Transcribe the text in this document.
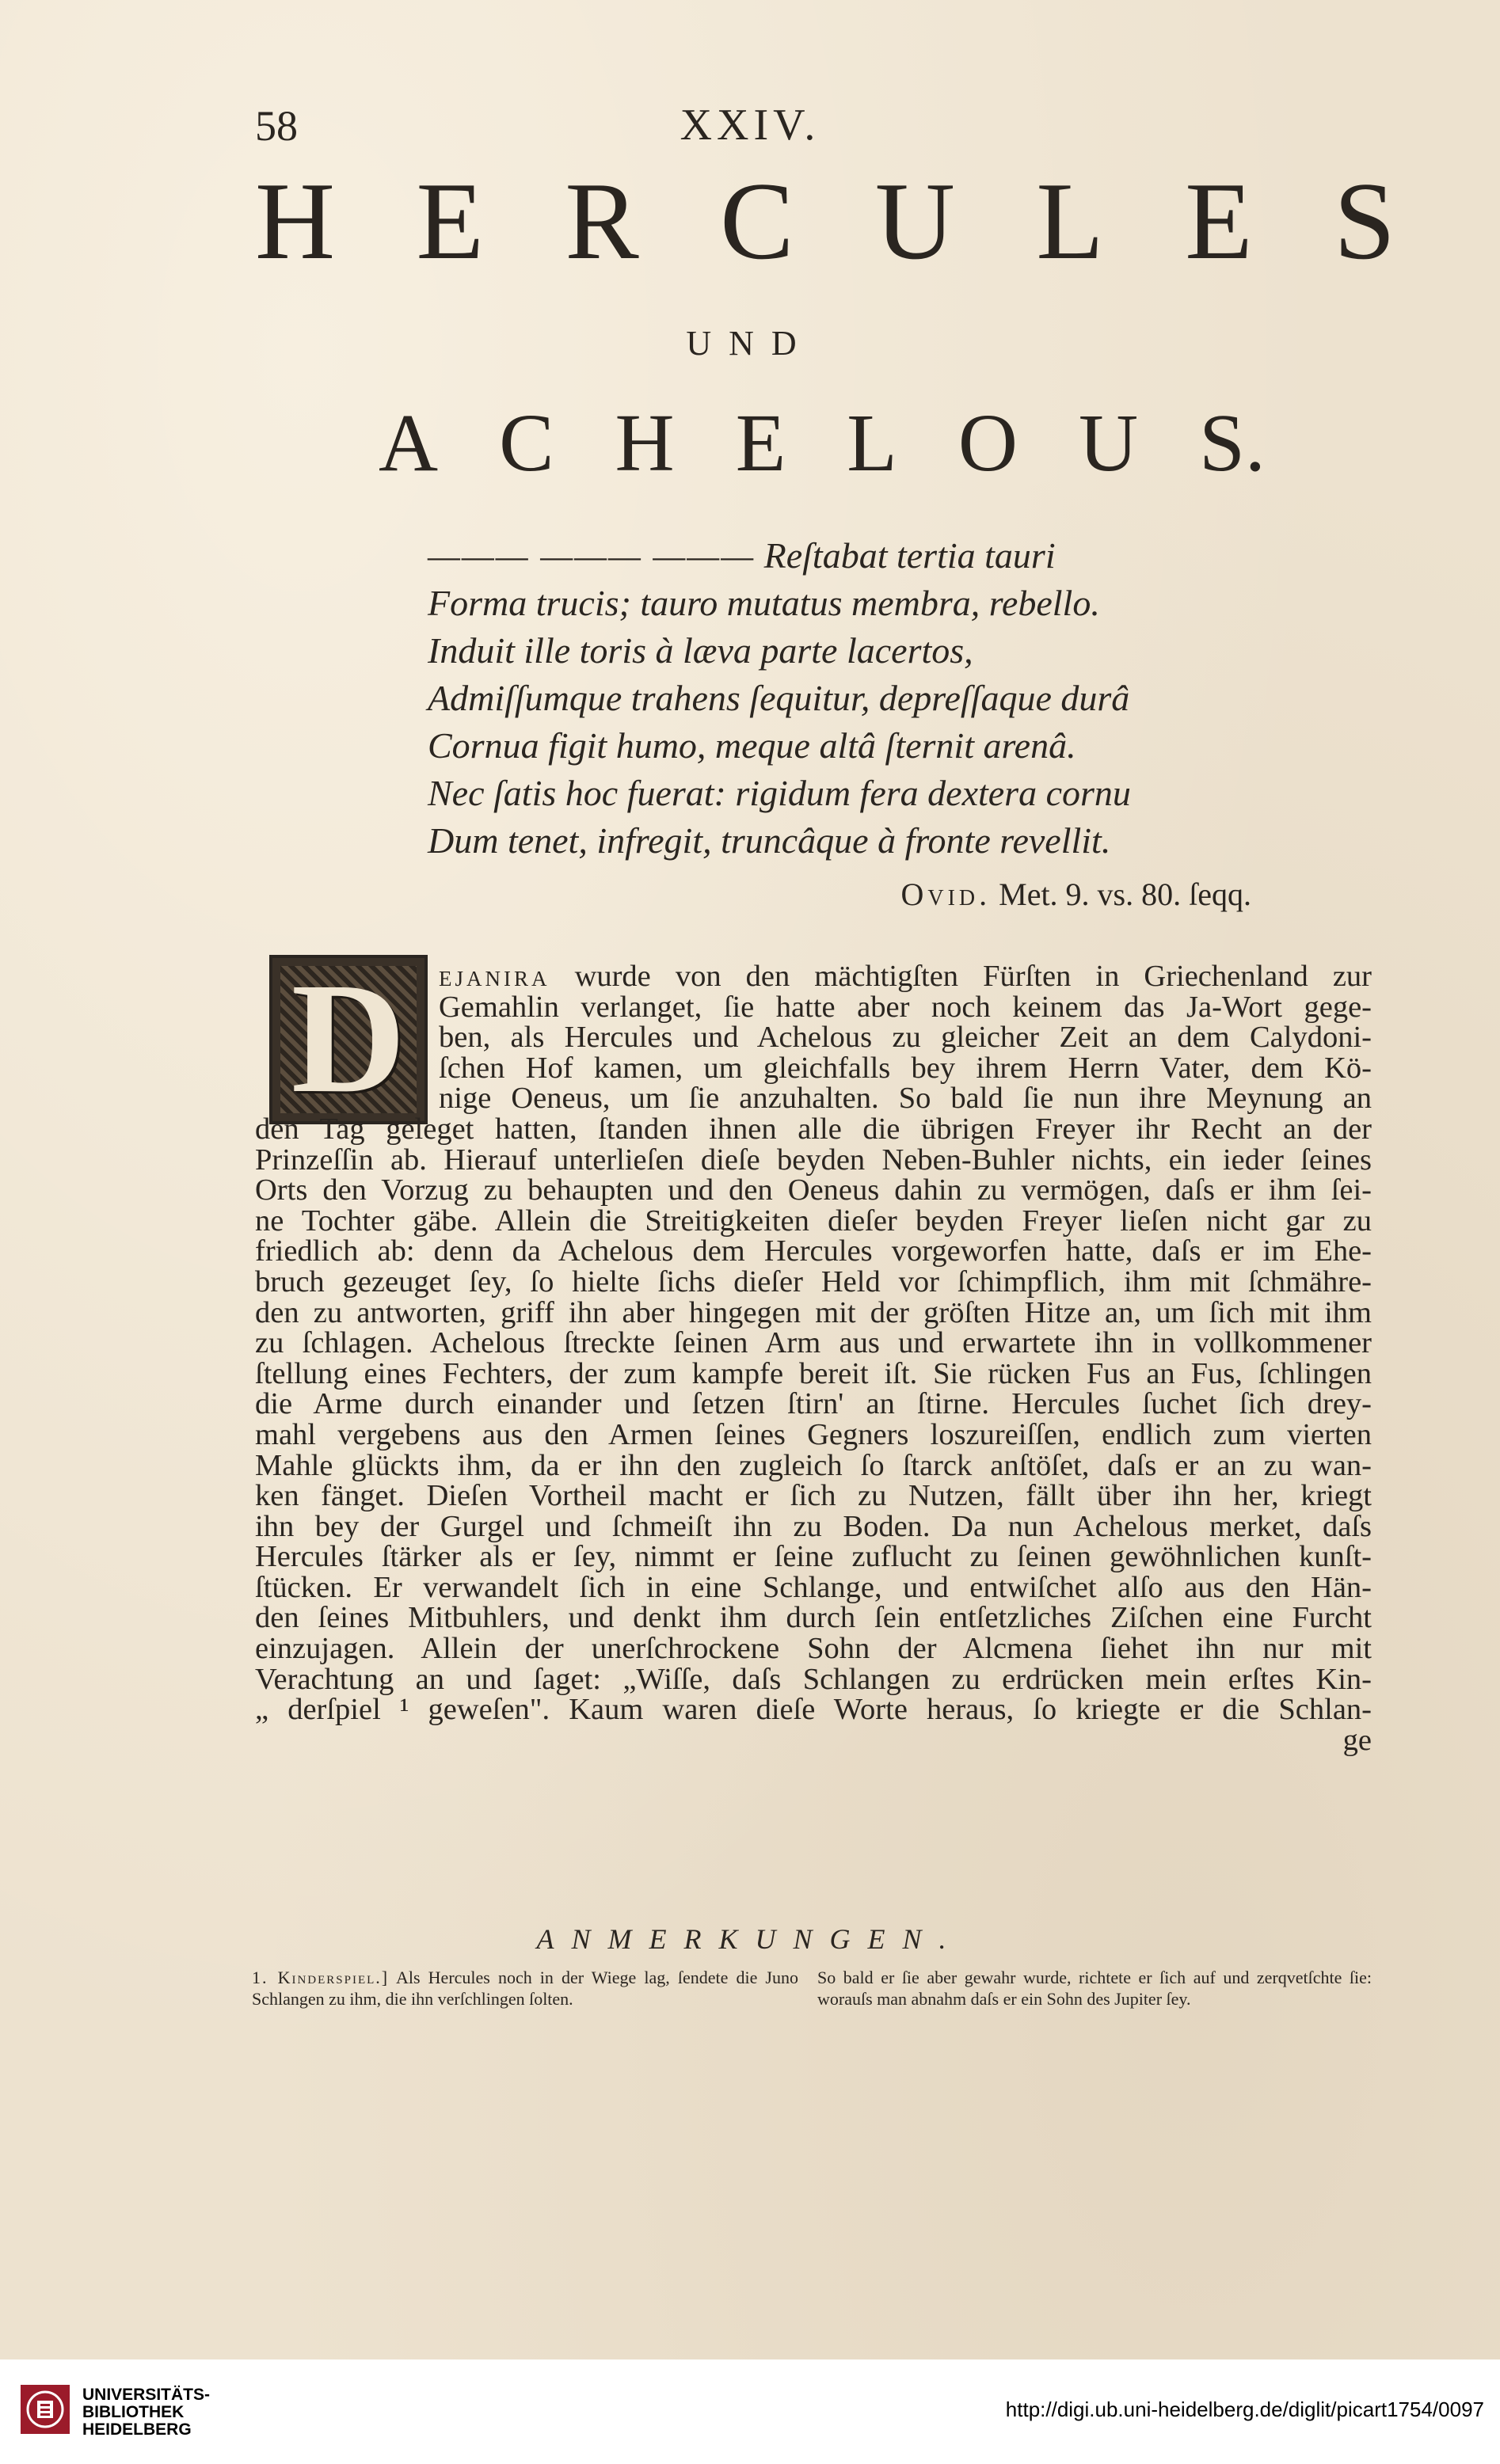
58	XXIV.
H E R C U L E S
UND
A C H E L O U S.
——— ——— ——— Reſtabat tertia tauri
Forma trucis; tauro mutatus membra, rebello.
Induit ille toris à læva parte lacertos,
Admiſſumque trahens ſequitur, depreſſaque durâ
Cornua figit humo, meque altâ ſternit arenâ.
Nec ſatis hoc fuerat: rigidum fera dextera cornu
Dum tenet, infregit, truncâque à fronte revellit.
Ovid. Met. 9. vs. 80. ſeqq.
D	ejanira wurde von den mächtigſten Fürſten in Griechenland zur
Gemahlin verlanget, ſie hatte aber noch keinem das Ja-Wort gege-
ben, als Hercules und Achelous zu gleicher Zeit an dem Calydoni-
ſchen Hof kamen, um gleichfalls bey ihrem Herrn Vater, dem Kö-
nige Oeneus, um ſie anzuhalten. So bald ſie nun ihre Meynung an
den Tag geleget hatten, ſtanden ihnen alle die übrigen Freyer ihr Recht an der
Prinzeſſin ab. Hierauf unterlieſen dieſe beyden Neben-Buhler nichts, ein ieder ſeines
Orts den Vorzug zu behaupten und den Oeneus dahin zu vermögen, daſs er ihm ſei-
ne Tochter gäbe. Allein die Streitigkeiten dieſer beyden Freyer lieſen nicht gar zu
friedlich ab: denn da Achelous dem Hercules vorgeworfen hatte, daſs er im Ehe-
bruch gezeuget ſey, ſo hielte ſichs dieſer Held vor ſchimpflich, ihm mit ſchmähre-
den zu antworten, griff ihn aber hingegen mit der gröſten Hitze an, um ſich mit ihm
zu ſchlagen. Achelous ſtreckte ſeinen Arm aus und erwartete ihn in vollkommener
ſtellung eines Fechters, der zum kampfe bereit iſt. Sie rücken Fus an Fus, ſchlingen
die Arme durch einander und ſetzen ſtirn' an ſtirne. Hercules ſuchet ſich drey-
mahl vergebens aus den Armen ſeines Gegners loszureiſſen, endlich zum vierten
Mahle glückts ihm, da er ihn den zugleich ſo ſtarck anſtöſet, daſs er an zu wan-
ken fänget. Dieſen Vortheil macht er ſich zu Nutzen, fällt über ihn her, kriegt
ihn bey der Gurgel und ſchmeiſt ihn zu Boden. Da nun Achelous merket, daſs
Hercules ſtärker als er ſey, nimmt er ſeine zuflucht zu ſeinen gewöhnlichen kunſt-
ſtücken. Er verwandelt ſich in eine Schlange, und entwiſchet alſo aus den Hän-
den ſeines Mitbuhlers, und denkt ihm durch ſein entſetzliches Ziſchen eine Furcht
einzujagen. Allein der unerſchrockene Sohn der Alcmena ſiehet ihn nur mit
Verachtung an und ſaget: „Wiſſe, daſs Schlangen zu erdrücken mein erſtes Kin-
„ derſpiel ¹ geweſen". Kaum waren dieſe Worte heraus, ſo kriegte er die Schlan-
ge
ANMERKUNGEN.
1. Kinderspiel.] Als Hercules noch in der Wiege lag, ſendete die Juno Schlangen zu ihm, die ihn verſchlingen ſolten.
So bald er ſie aber gewahr wurde, richtete er ſich auf und zerqvetſchte ſie: worauſs man abnahm daſs er ein Sohn des Jupiter ſey.
UNIVERSITÄTS-
BIBLIOTHEK
HEIDELBERG
http://digi.ub.uni-heidelberg.de/diglit/picart1754/0097
